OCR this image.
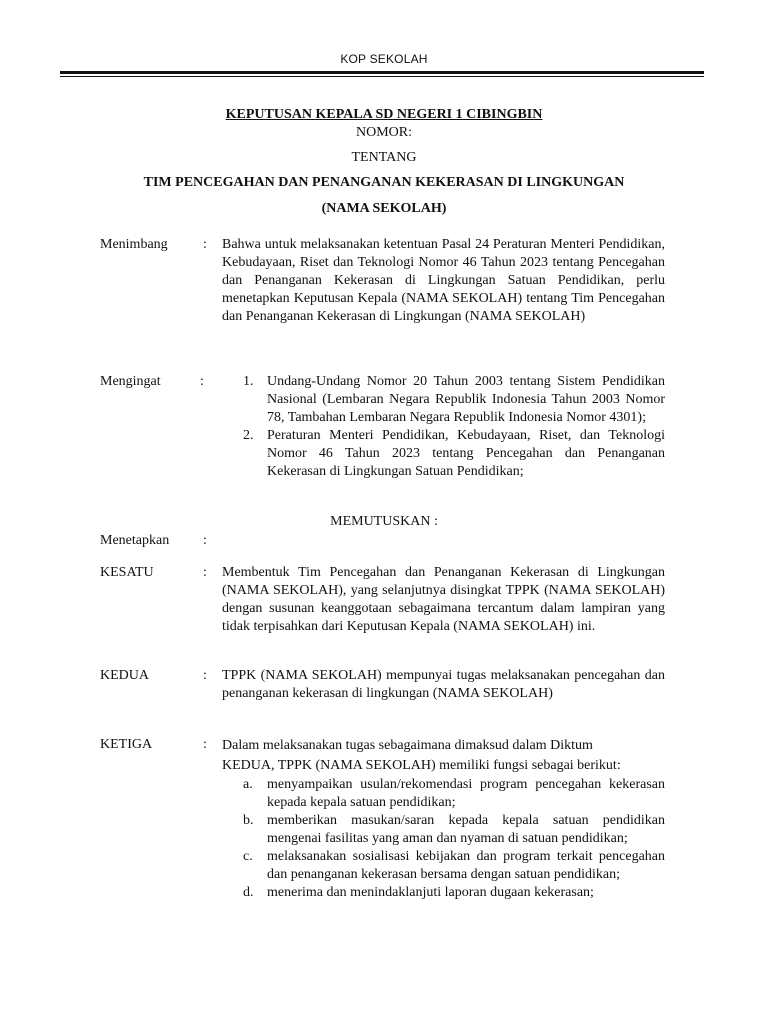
KOP SEKOLAH
KEPUTUSAN KEPALA SD NEGERI 1 CIBINGBIN
NOMOR:
TENTANG
TIM PENCEGAHAN DAN PENANGANAN KEKERASAN DI LINGKUNGAN
(NAMA SEKOLAH)
Menimbang	: Bahwa untuk melaksanakan ketentuan Pasal 24 Peraturan Menteri Pendidikan, Kebudayaan, Riset dan Teknologi Nomor 46 Tahun 2023 tentang Pencegahan dan Penanganan Kekerasan di Lingkungan Satuan Pendidikan, perlu menetapkan Keputusan Kepala (NAMA SEKOLAH) tentang Tim Pencegahan dan Penanganan Kekerasan di Lingkungan (NAMA SEKOLAH)
Mengingat	:	1. Undang-Undang Nomor 20 Tahun 2003 tentang Sistem Pendidikan Nasional (Lembaran Negara Republik Indonesia Tahun 2003 Nomor 78, Tambahan Lembaran Negara Republik Indonesia Nomor 4301);
2. Peraturan Menteri Pendidikan, Kebudayaan, Riset, dan Teknologi Nomor 46 Tahun 2023 tentang Pencegahan dan Penanganan Kekerasan di Lingkungan Satuan Pendidikan;
MEMUTUSKAN :
Menetapkan :
KESATU	: Membentuk Tim Pencegahan dan Penanganan Kekerasan di Lingkungan (NAMA SEKOLAH), yang selanjutnya disingkat TPPK (NAMA SEKOLAH) dengan susunan keanggotaan sebagaimana tercantum dalam lampiran yang tidak terpisahkan dari Keputusan Kepala (NAMA SEKOLAH) ini.
KEDUA	: TPPK (NAMA SEKOLAH) mempunyai tugas melaksanakan pencegahan dan penanganan kekerasan di lingkungan (NAMA SEKOLAH)
KETIGA	: Dalam melaksanakan tugas sebagaimana dimaksud dalam Diktum

KEDUA, TPPK (NAMA SEKOLAH) memiliki fungsi sebagai berikut:

a. menyampaikan usulan/rekomendasi program pencegahan kekerasan kepada kepala satuan pendidikan;
b. memberikan masukan/saran kepada kepala satuan pendidikan mengenai fasilitas yang aman dan nyaman di satuan pendidikan;
c. melaksanakan sosialisasi kebijakan dan program terkait pencegahan dan penanganan kekerasan bersama dengan satuan pendidikan;
d. menerima dan menindaklanjuti laporan dugaan kekerasan;
